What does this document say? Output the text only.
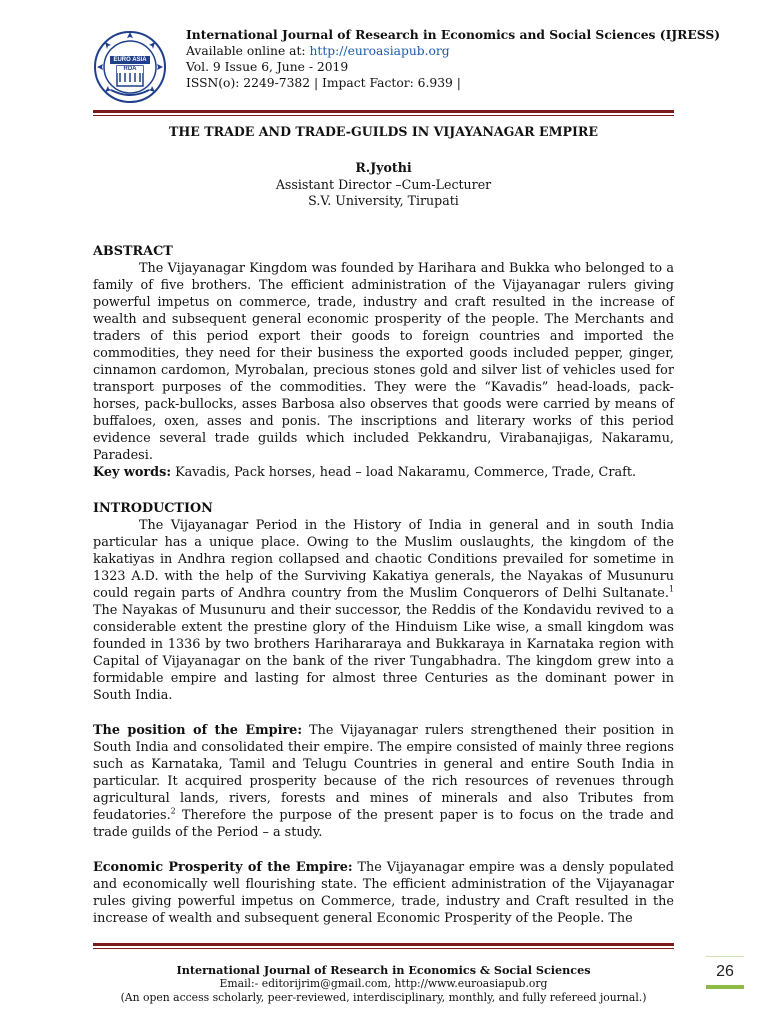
EURO ASIA
RDA
International Journal of Research in Economics and Social Sciences (IJRESS)
Available online at: http://euroasiapub.org
Vol. 9 Issue 6, June - 2019
ISSN(o): 2249-7382 | Impact Factor: 6.939 |
THE TRADE AND TRADE-GUILDS IN VIJAYANAGAR EMPIRE
R.Jyothi
Assistant Director –Cum-Lecturer
S.V. University, Tirupati

ABSTRACT

The Vijayanagar Kingdom was founded by Harihara and Bukka who belonged to a family of five brothers. The efficient administration of the Vijayanagar rulers giving powerful impetus on commerce, trade, industry and craft resulted in the increase of wealth and subsequent general economic prosperity of the people. The Merchants and traders of this period export their goods to foreign countries and imported the commodities, they need for their business the exported goods included pepper, ginger, cinnamon cardomon, Myrobalan, precious stones gold and silver list of vehicles used for transport purposes of the commodities. They were the “Kavadis” head-loads, pack-horses, pack-bullocks, asses Barbosa also observes that goods were carried by means of buffaloes, oxen, asses and ponis. The inscriptions and literary works of this period evidence several trade guilds which included Pekkandru, Virabanajigas, Nakaramu, Paradesi.

Key words: Kavadis, Pack horses, head – load Nakaramu, Commerce, Trade, Craft.

INTRODUCTION

The Vijayanagar Period in the History of India in general and in south India particular has a unique place. Owing to the Muslim ouslaughts, the kingdom of the kakatiyas in Andhra region collapsed and chaotic Conditions prevailed for sometime in 1323 A.D. with the help of the Surviving Kakatiya generals, the Nayakas of Musunuru could regain parts of Andhra country from the Muslim Conquerors of Delhi Sultanate.$^1$ The Nayakas of Musunuru and their successor, the Reddis of the Kondavidu revived to a considerable extent the prestine glory of the Hinduism Like wise, a small kingdom was founded in 1336 by two brothers Harihararaya and Bukkaraya in Karnataka region with Capital of Vijayanagar on the bank of the river Tungabhadra. The kingdom grew into a formidable empire and lasting for almost three Centuries as the dominant power in South India.

The position of the Empire: The Vijayanagar rulers strengthened their position in South India and consolidated their empire. The empire consisted of mainly three regions such as Karnataka, Tamil and Telugu Countries in general and entire South India in particular. It acquired prosperity because of the rich resources of revenues through agricultural lands, rivers, forests and mines of minerals and also Tributes from feudatories.$^2$ Therefore the purpose of the present paper is to focus on the trade and trade guilds of the Period – a study.

Economic Prosperity of the Empire: The Vijayanagar empire was a densly populated and economically well flourishing state. The efficient administration of the Vijayanagar rules giving powerful impetus on Commerce, trade, industry and Craft resulted in the increase of wealth and subsequent general Economic Prosperity of the People. The

International Journal of Research in Economics & Social Sciences
Email:- editorijrim@gmail.com, http://www.euroasiapub.org
(An open access scholarly, peer-reviewed, interdisciplinary, monthly, and fully refereed journal.)
26
